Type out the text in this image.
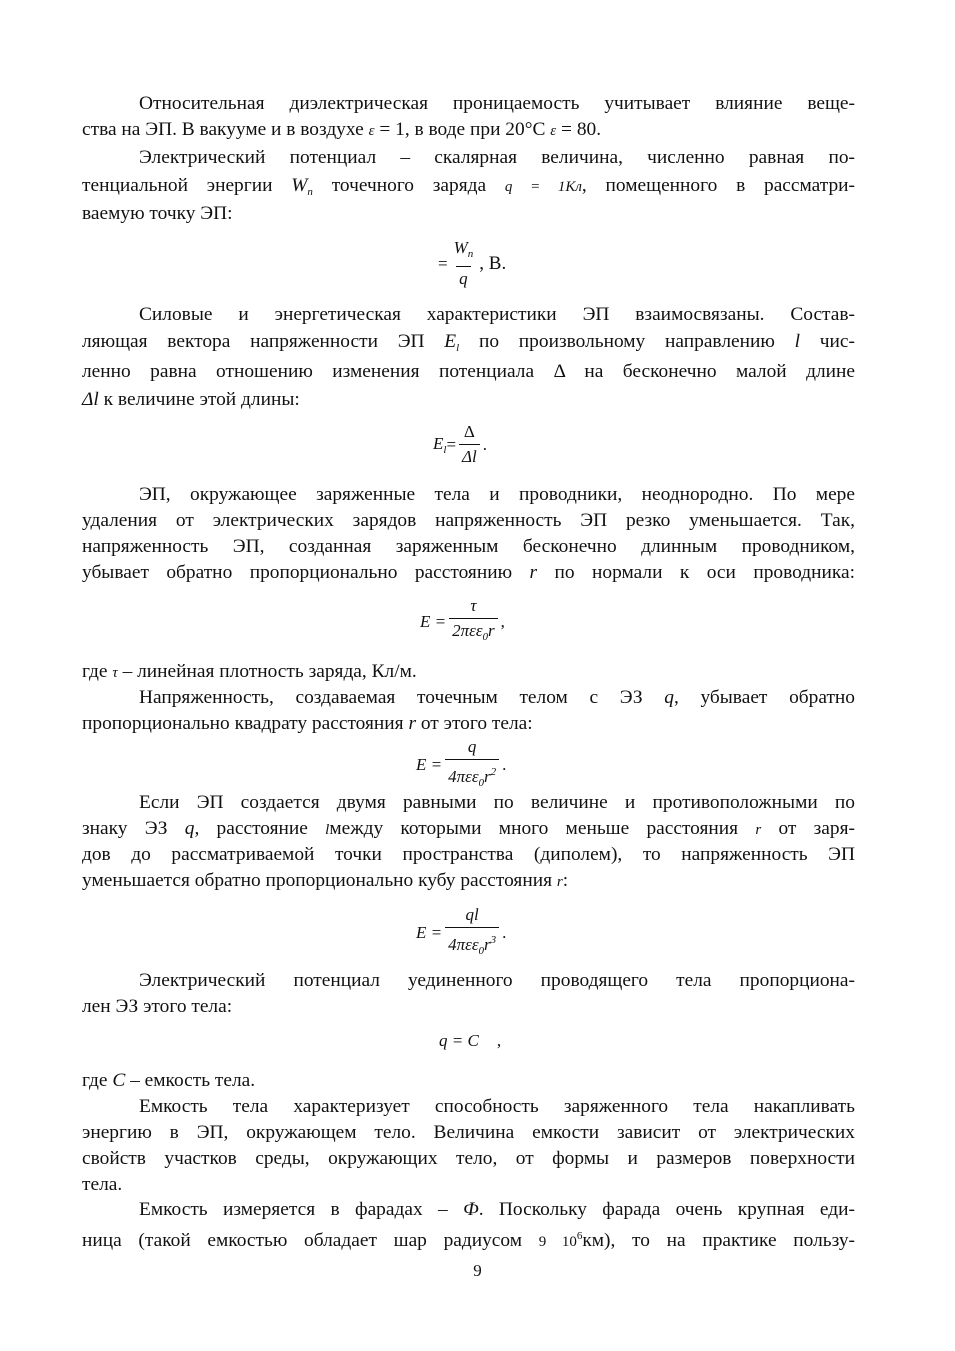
Относительная диэлектрическая проницаемость учитывает влияние веще-
ства на ЭП. В вакууме и в воздухе ε = 1, в воде при 20°С ε = 80.
Электрический потенциал – скалярная величина, численно равная по-
тенциальной энергии $W_п$ точечного заряда q = 1Кл, помещенного в рассматри-
ваемую точку ЭП:
= $\frac{W_п}{q}$ , В.
Силовые и энергетическая характеристики ЭП взаимосвязаны. Состав-
ляющая вектора напряженности ЭП $E_l$ по произвольному направлению l чис-
ленно равна отношению изменения потенциала Δ на бесконечно малой длине
Δl к величине этой длины:
$E_l = \frac{\Delta}{\Delta l}$ .
ЭП, окружающее заряженные тела и проводники, неоднородно. По мере
удаления от электрических зарядов напряженность ЭП резко уменьшается. Так,
напряженность ЭП, созданная заряженным бесконечно длинным проводником,
убывает обратно пропорционально расстоянию r по нормали к оси проводника:
$E = \frac{\tau}{2\pi\varepsilon\varepsilon_0r}$ ,
где τ – линейная плотность заряда, Кл/м.
Напряженность, создаваемая точечным телом с ЭЗ q, убывает обратно
пропорционально квадрату расстояния r от этого тела:
$E = \frac{q}{4\pi\varepsilon\varepsilon_0r^2}$ .
Если ЭП создается двумя равными по величине и противоположными по
знаку ЭЗ q, расстояние lмежду которыми много меньше расстояния r от заря-
дов до рассматриваемой точки пространства (диполем), то напряженность ЭП
уменьшается обратно пропорционально кубу расстояния r:
$E = \frac{ql}{4\pi\varepsilon\varepsilon_0r^3}$ .
Электрический потенциал уединенного проводящего тела пропорциона-
лен ЭЗ этого тела:
q = C ,
где C – емкость тела.
Емкость тела характеризует способность заряженного тела накапливать
энергию в ЭП, окружающем тело. Величина емкости зависит от электрических
свойств участков среды, окружающих тело, от формы и размеров поверхности
тела.
Емкость измеряется в фарадах – Ф. Поскольку фарада очень крупная еди-
ница (такой емкостью обладает шар радиусом 9 $10^6км$), то на практике пользу-
9
